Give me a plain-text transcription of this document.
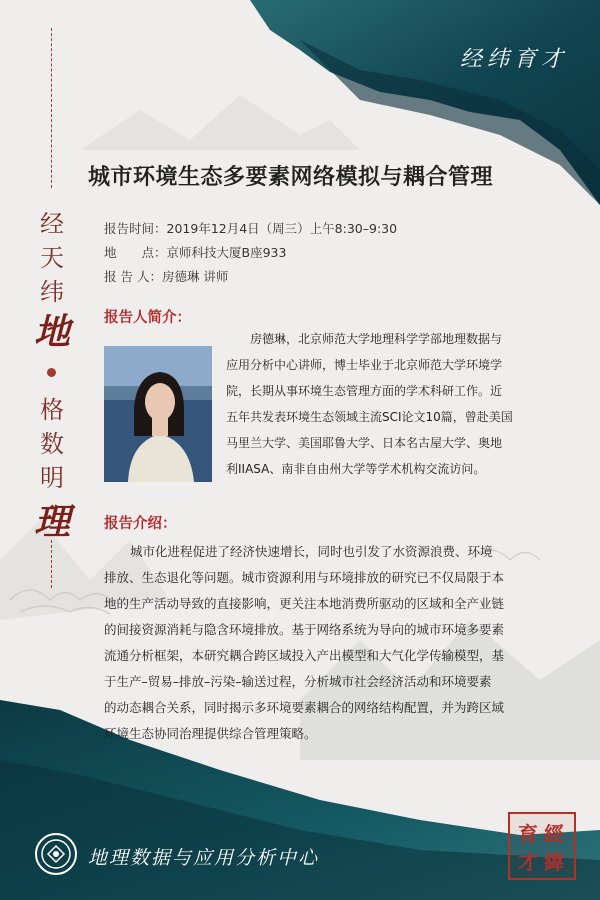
经纬育才
经
天
纬
地
格
数
明
理
城市环境生态多要素网络模拟与耦合管理
报告时间：2019年12月4日（周三）上午8:30–9:30
地　　点：京师科技大厦B座933
报 告 人：房德琳 讲师
报告人简介：
房德琳，北京师范大学地理科学学部地理数据与
应用分析中心讲师，博士毕业于北京师范大学环境学
院，长期从事环境生态管理方面的学术科研工作。近
五年共发表环境生态领域主流SCI论文10篇，曾赴美国
马里兰大学、美国耶鲁大学、日本名古屋大学、奥地
利IIASA、南非自由州大学等学术机构交流访问。
报告介绍：
城市化进程促进了经济快速增长，同时也引发了水资源浪费、环境
排放、生态退化等问题。城市资源利用与环境排放的研究已不仅局限于本
地的生产活动导致的直接影响，更关注本地消费所驱动的区域和全产业链
的间接资源消耗与隐含环境排放。基于网络系统为导向的城市环境多要素
流通分析框架，本研究耦合跨区域投入产出模型和大气化学传输模型，基
于生产–贸易–排放–污染–输送过程，分析城市社会经济活动和环境要素
的动态耦合关系，同时揭示多环境要素耦合的网络结构配置，并为跨区域
环境生态协同治理提供综合管理策略。
地理数据与应用分析中心
經
緯
育
才
